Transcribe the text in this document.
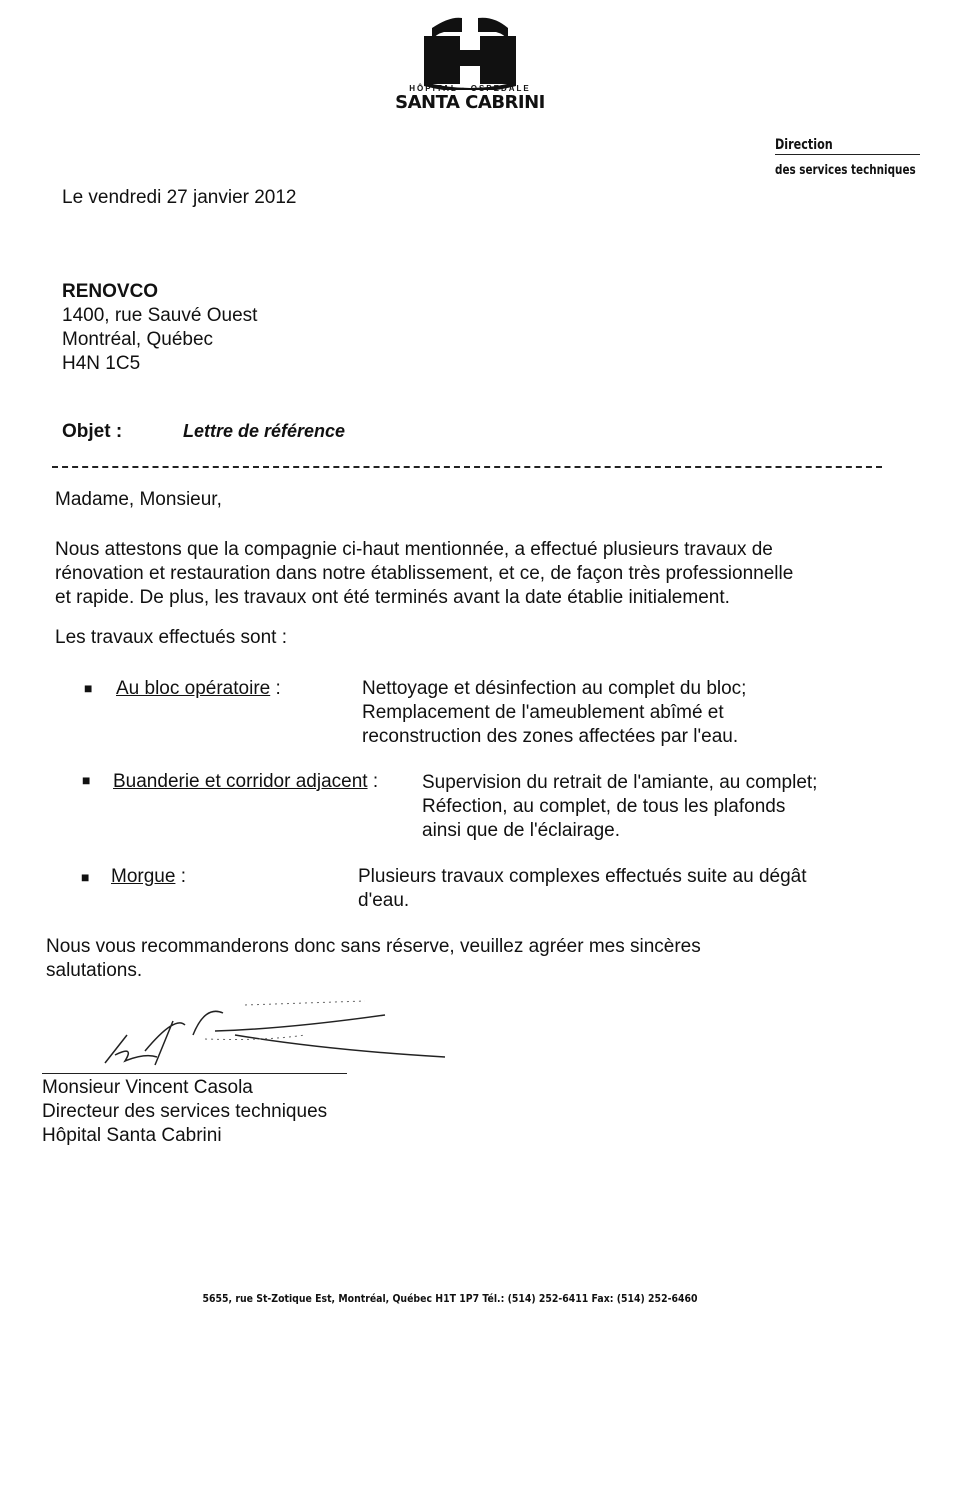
HÔPITAL · OSPEDALE
SANTA CABRINI
Direction
des services techniques
Le vendredi 27 janvier 2012
RENOVCO
1400, rue Sauvé Ouest
Montréal, Québec
H4N 1C5
Objet :	Lettre de référence
Madame, Monsieur,
Nous attestons que la compagnie ci-haut mentionnée, a effectué plusieurs travaux de
rénovation et restauration dans notre établissement, et ce, de façon très professionnelle
et rapide. De plus, les travaux ont été terminés avant la date établie initialement.
Les travaux effectués sont :
■ Au bloc opératoire :	Nettoyage et désinfection au complet du bloc;
Remplacement de l'ameublement abîmé et
reconstruction des zones affectées par l'eau.
■ Buanderie et corridor adjacent : Supervision du retrait de l'amiante, au complet;
Réfection, au complet, de tous les plafonds
ainsi que de l'éclairage.
■ Morgue :	Plusieurs travaux complexes effectués suite au dégât
d'eau.
Nous vous recommanderons donc sans réserve, veuillez agréer mes sincères
salutations.
Monsieur Vincent Casola
Directeur des services techniques
Hôpital Santa Cabrini
5655, rue St-Zotique Est, Montréal, Québec H1T 1P7 Tél.: (514) 252-6411 Fax: (514) 252-6460
